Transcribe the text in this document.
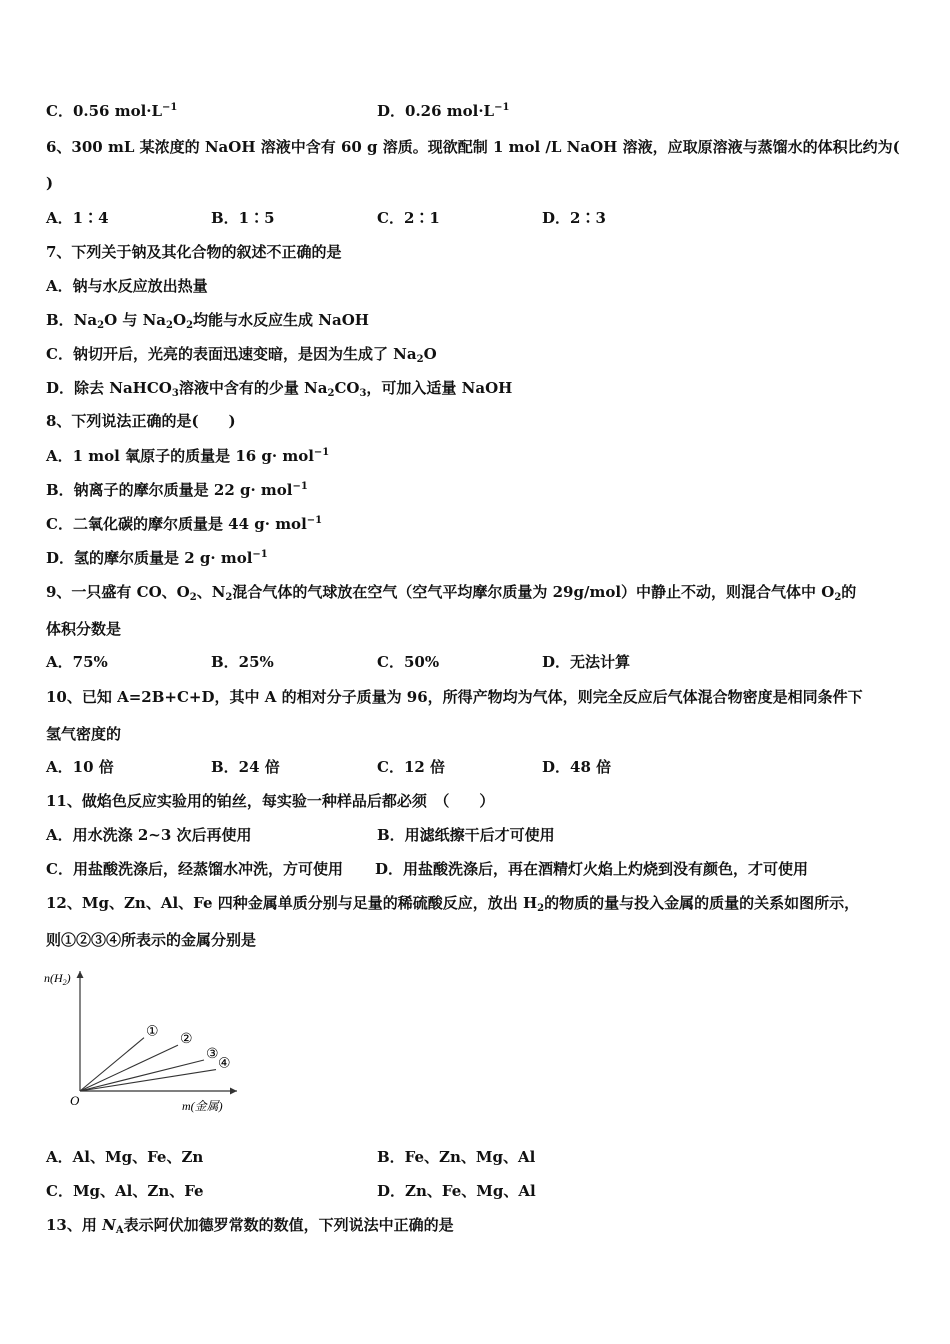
C．0.56 $mol\cdot L^{-1}$	D．0.26 $mol\cdot L^{-1}$
6、300 mL 某浓度的 NaOH 溶液中含有 60 g 溶质。现欲配制 1 mol /L NaOH 溶液，应取原溶液与蒸馏水的体积比约为(
)
A．1∶4	B．1∶5	C．2∶1	D．2∶3
7、下列关于钠及其化合物的叙述不正确的是
A．钠与水反应放出热量
B．$Na_2O$ 与 $Na_2O_2$均能与水反应生成 NaOH
C．钠切开后，光亮的表面迅速变暗，是因为生成了 $Na_2O$
D．除去 NaHCO$_3$溶液中含有的少量 $Na_2CO_3$，可加入适量 NaOH
8、下列说法正确的是(　　)
A．1 mol 氧原子的质量是 16 g· mol$^{-1}$
B．钠离子的摩尔质量是 22 g· mol$^{-1}$
C．二氧化碳的摩尔质量是 44 g· mol$^{-1}$
D．氢的摩尔质量是 2 g· mol$^{-1}$
9、一只盛有 CO、$O_2$、$N_2$混合气体的气球放在空气（空气平均摩尔质量为 29g/mol）中静止不动，则混合气体中 $O_2$的
体积分数是
A．75%	B．25%	C．50%	D．无法计算
10、已知 A=2B+C+D，其中 A 的相对分子质量为 96，所得产物均为气体，则完全反应后气体混合物密度是相同条件下
氢气密度的
A．10 倍	B．24 倍	C．12 倍	D．48 倍
11、做焰色反应实验用的铂丝，每实验一种样品后都必须　（　　）
A．用水洗涤 2~3 次后再使用	B．用滤纸擦干后才可使用
C．用盐酸洗涤后，经蒸馏水冲洗，方可使用 D．用盐酸洗涤后，再在酒精灯火焰上灼烧到没有颜色，才可使用
12、Mg、Zn、Al、Fe 四种金属单质分别与足量的稀硫酸反应，放出 $H_2$的物质的量与投入金属的质量的关系如图所示，
则①②③④所表示的金属分别是
$n(H_2)$
m(金属)
O
① ②
③
④
A．Al、Mg、Fe、Zn	B．Fe、Zn、Mg、Al
C．Mg、Al、Zn、Fe	D．Zn、Fe、Mg、Al
13、用 $N_A$表示阿伏加德罗常数的数值，下列说法中正确的是
